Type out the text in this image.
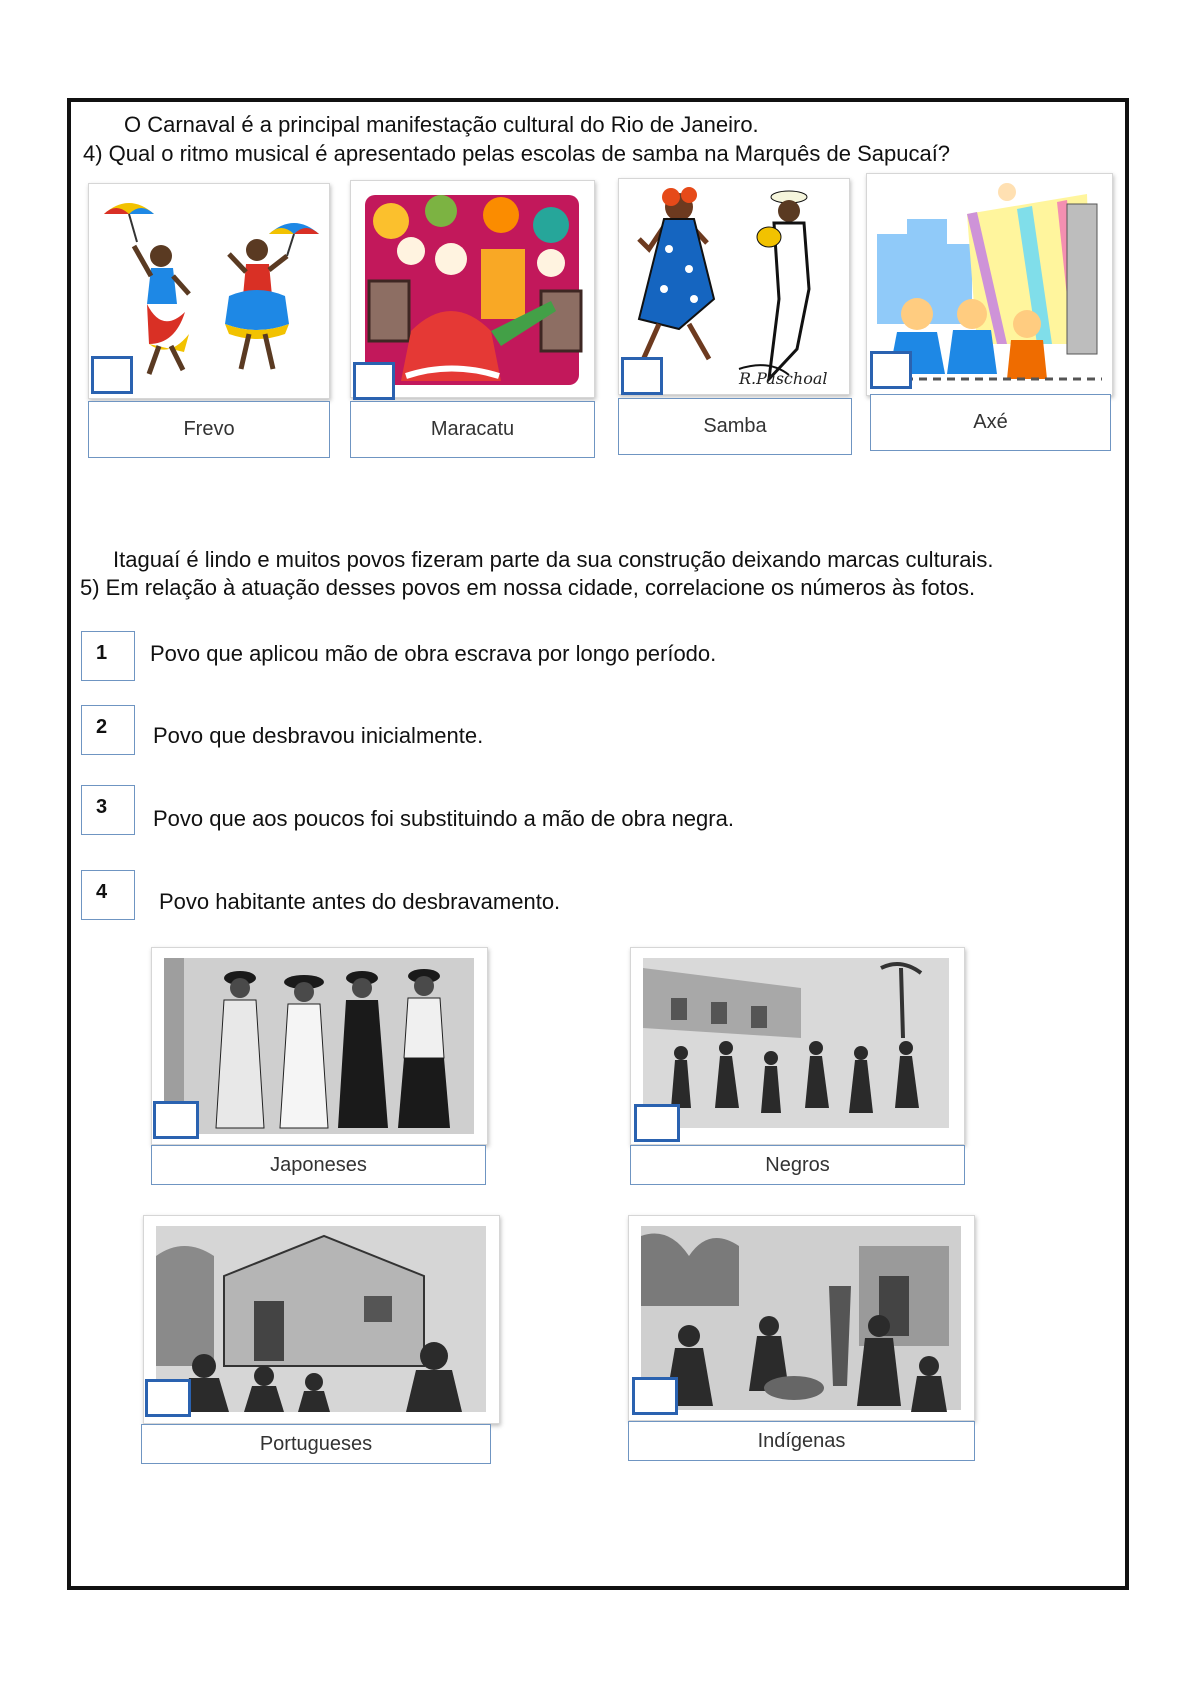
O Carnaval é a principal manifestação cultural do Rio de Janeiro.
4) Qual o ritmo musical é apresentado pelas escolas de samba na Marquês de Sapucaí?
Frevo	Maracatu
R.Paschoal
Samba	Axé
Itaguaí é lindo e muitos povos fizeram parte da sua construção deixando marcas culturais.
5) Em relação à atuação desses povos em nossa cidade, correlacione os números às fotos.
1	Povo que aplicou mão de obra escrava por longo período.
2	Povo que desbravou inicialmente.
3	Povo que aos poucos foi substituindo a mão de obra negra.
4	Povo habitante antes do desbravamento.
Japoneses	Negros
Portugueses	Indígenas
